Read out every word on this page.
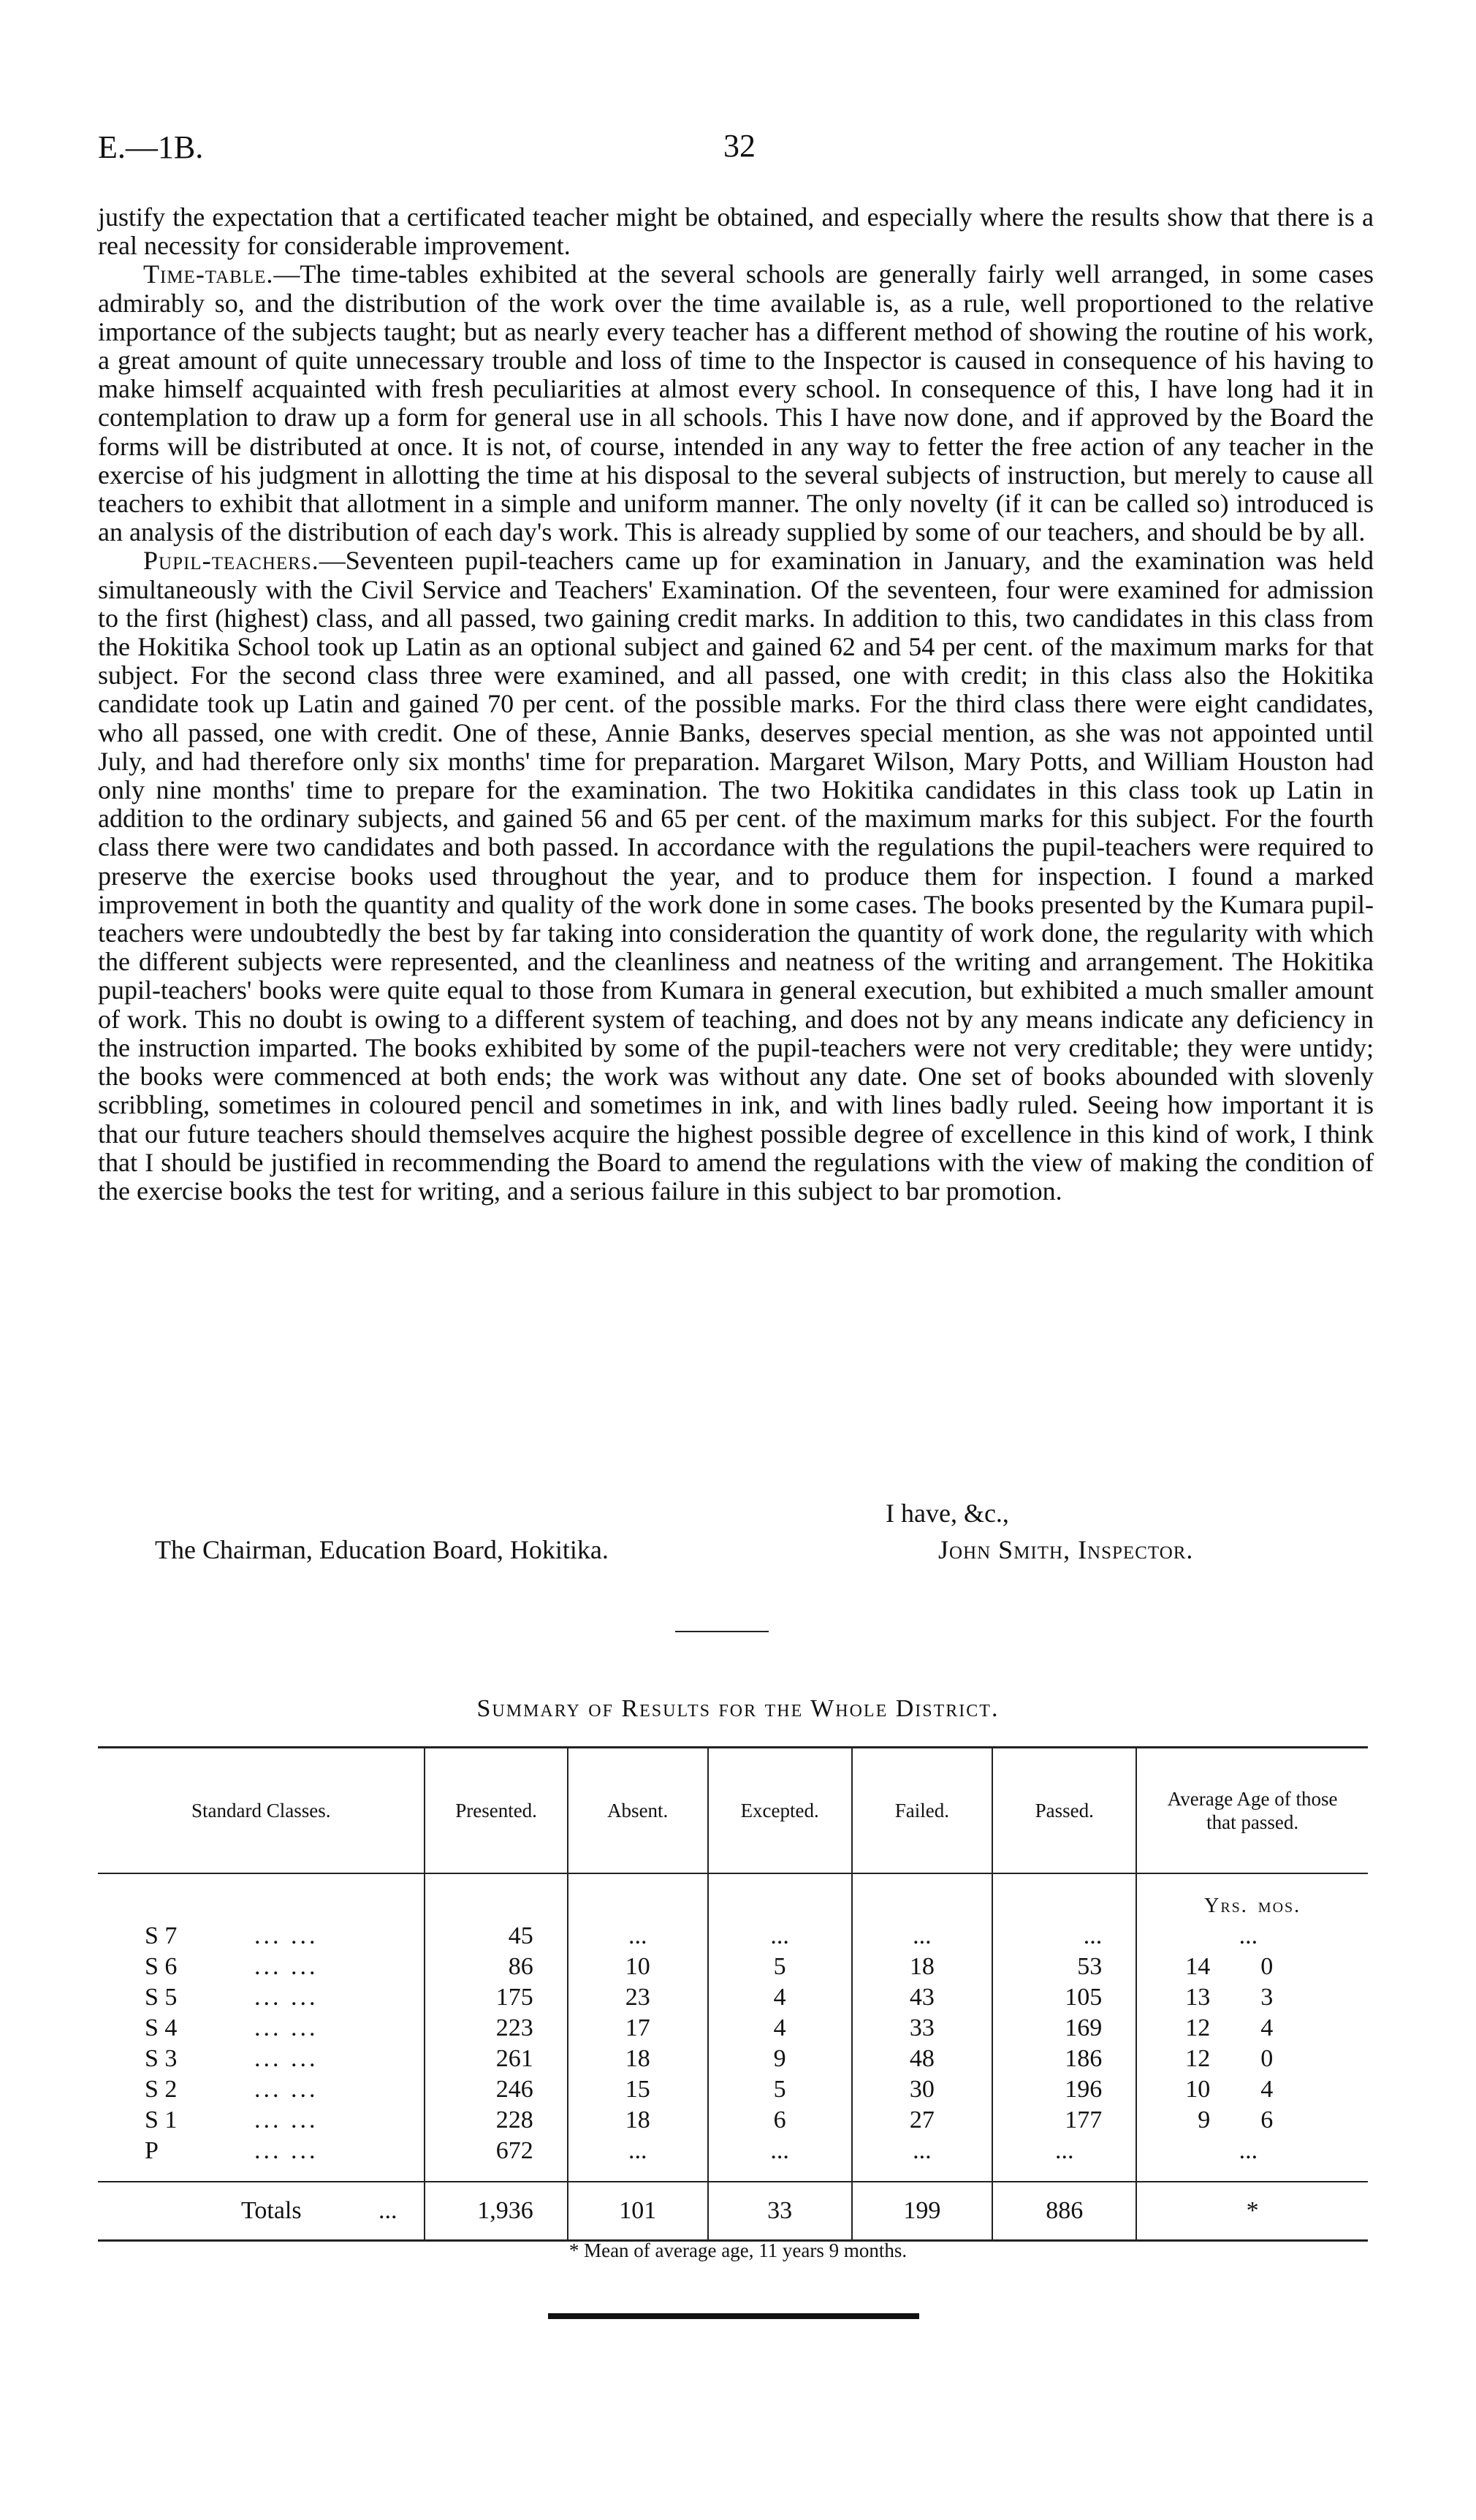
E.—1B.	32

justify the expectation that a certificated teacher might be obtained, and especially where the results show that there is a real necessity for considerable improvement.

Time-table.—The time-tables exhibited at the several schools are generally fairly well arranged, in some cases admirably so, and the distribution of the work over the time available is, as a rule, well proportioned to the relative importance of the subjects taught; but as nearly every teacher has a different method of showing the routine of his work, a great amount of quite unnecessary trouble and loss of time to the Inspector is caused in consequence of his having to make himself acquainted with fresh peculiarities at almost every school. In consequence of this, I have long had it in contemplation to draw up a form for general use in all schools. This I have now done, and if approved by the Board the forms will be distributed at once. It is not, of course, intended in any way to fetter the free action of any teacher in the exercise of his judgment in allotting the time at his disposal to the several subjects of instruction, but merely to cause all teachers to exhibit that allotment in a simple and uniform manner. The only novelty (if it can be called so) introduced is an analysis of the distribution of each day's work. This is already supplied by some of our teachers, and should be by all.

Pupil-teachers.—Seventeen pupil-teachers came up for examination in January, and the examination was held simultaneously with the Civil Service and Teachers' Examination. Of the seventeen, four were examined for admission to the first (highest) class, and all passed, two gaining credit marks. In addition to this, two candidates in this class from the Hokitika School took up Latin as an optional subject and gained 62 and 54 per cent. of the maximum marks for that subject. For the second class three were examined, and all passed, one with credit; in this class also the Hokitika candidate took up Latin and gained 70 per cent. of the possible marks. For the third class there were eight candidates, who all passed, one with credit. One of these, Annie Banks, deserves special mention, as she was not appointed until July, and had therefore only six months' time for preparation. Margaret Wilson, Mary Potts, and William Houston had only nine months' time to prepare for the examination. The two Hokitika candidates in this class took up Latin in addition to the ordinary subjects, and gained 56 and 65 per cent. of the maximum marks for this subject. For the fourth class there were two candidates and both passed. In accordance with the regulations the pupil-teachers were required to preserve the exercise books used throughout the year, and to produce them for inspection. I found a marked improvement in both the quantity and quality of the work done in some cases. The books presented by the Kumara pupil-teachers were undoubtedly the best by far taking into consideration the quantity of work done, the regularity with which the different subjects were represented, and the cleanliness and neatness of the writing and arrangement. The Hokitika pupil-teachers' books were quite equal to those from Kumara in general execution, but exhibited a much smaller amount of work. This no doubt is owing to a different system of teaching, and does not by any means indicate any deficiency in the instruction imparted. The books exhibited by some of the pupil-teachers were not very creditable; they were untidy; the books were commenced at both ends; the work was without any date. One set of books abounded with slovenly scribbling, sometimes in coloured pencil and sometimes in ink, and with lines badly ruled. Seeing how important it is that our future teachers should themselves acquire the highest possible degree of excellence in this kind of work, I think that I should be justified in recommending the Board to amend the regulations with the view of making the condition of the exercise books the test for writing, and a serious failure in this subject to bar promotion.

I have, &c.,
The Chairman, Education Board, Hokitika.	John Smith, Inspector.
Summary of Results for the Whole District.
Standard Classes.	Presented.	Absent.	Excepted.	Failed.	Passed.	Average Age of those that passed.
						Yrs. mos.
S 7 ... ...	45	...	...	...	...	...
S 6 ... ...	86	10	5	18	53	14 0
S 5 ... ...	175	23	4	43	105	13 3
S 4 ... ...	223	17	4	33	169	12 4
S 3 ... ...	261	18	9	48	186	12 0
S 2 ... ...	246	15	5	30	196	10 4
S 1 ... ...	228	18	6	27	177	9 6
P ... ...	672	...	...	...	...	...

Totals ...	1,936	101	33	199	886	*
* Mean of average age, 11 years 9 months.
